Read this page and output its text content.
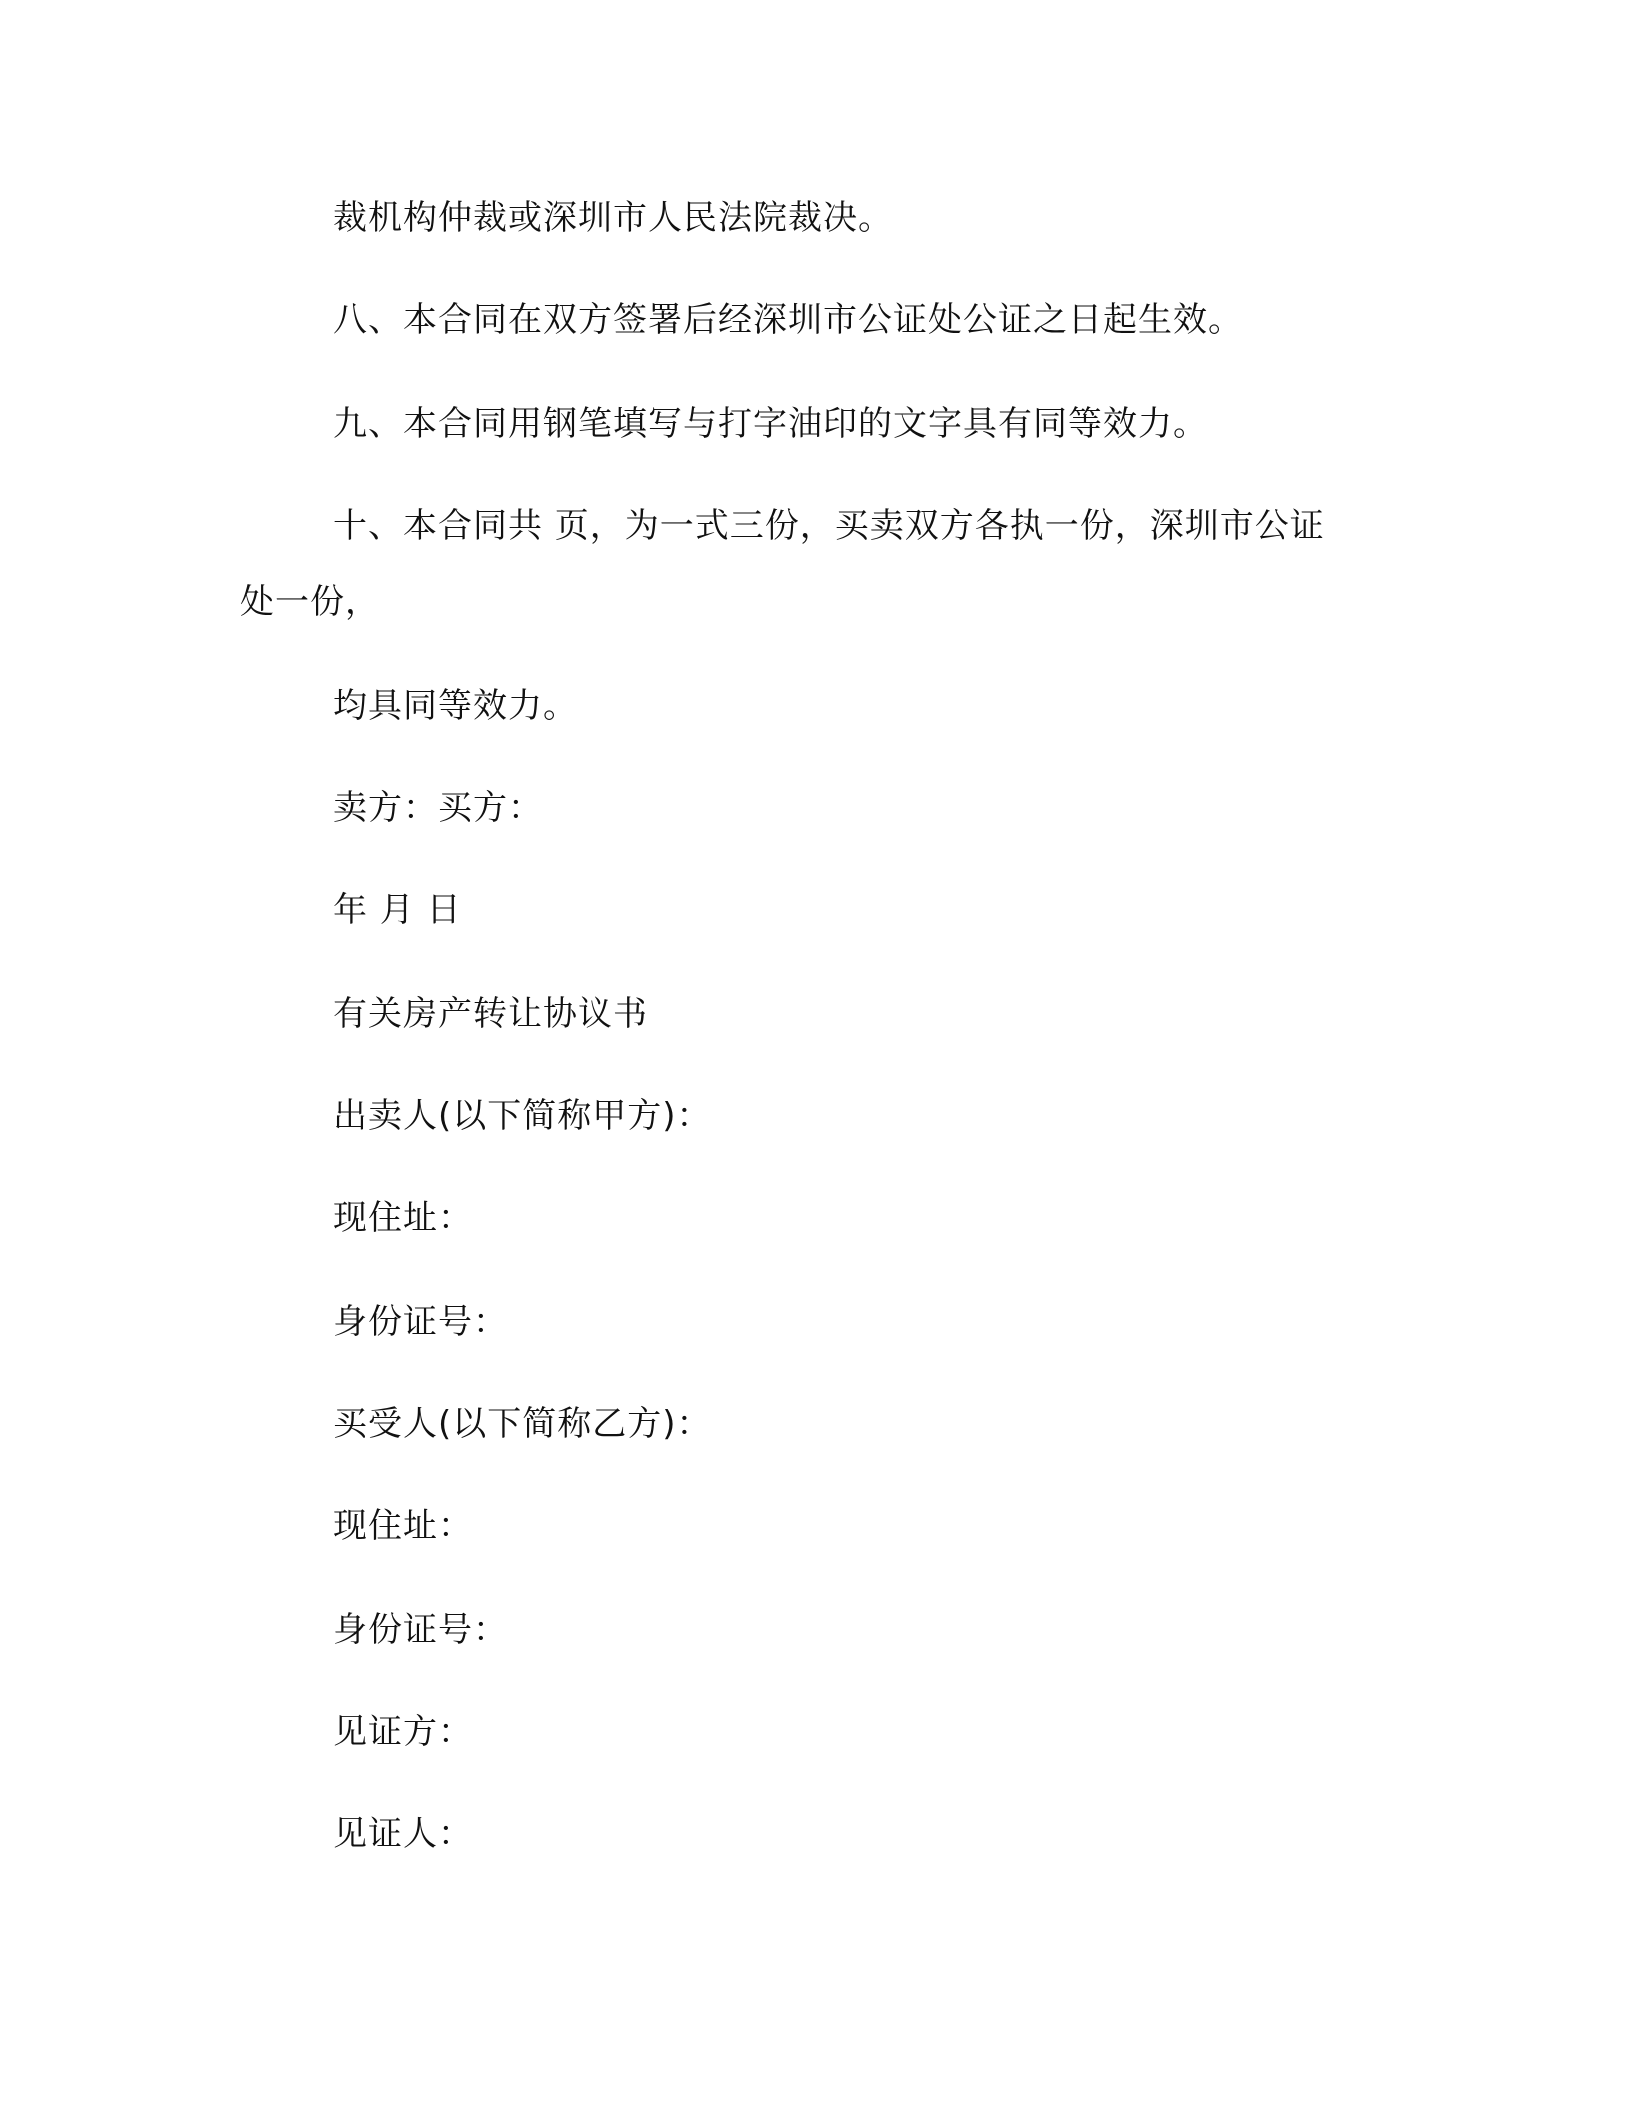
裁机构仲裁或深圳市人民法院裁决。
八、本合同在双方签署后经深圳市公证处公证之日起生效。
九、本合同用钢笔填写与打字油印的文字具有同等效力。
十、本合同共 页，为一式三份，买卖双方各执一份，深圳市公证
处一份，
均具同等效力。
卖方：买方：
年 月 日
有关房产转让协议书
出卖人(以下简称甲方)：
现住址：
身份证号：
买受人(以下简称乙方)：
现住址：
身份证号：
见证方：
见证人：
